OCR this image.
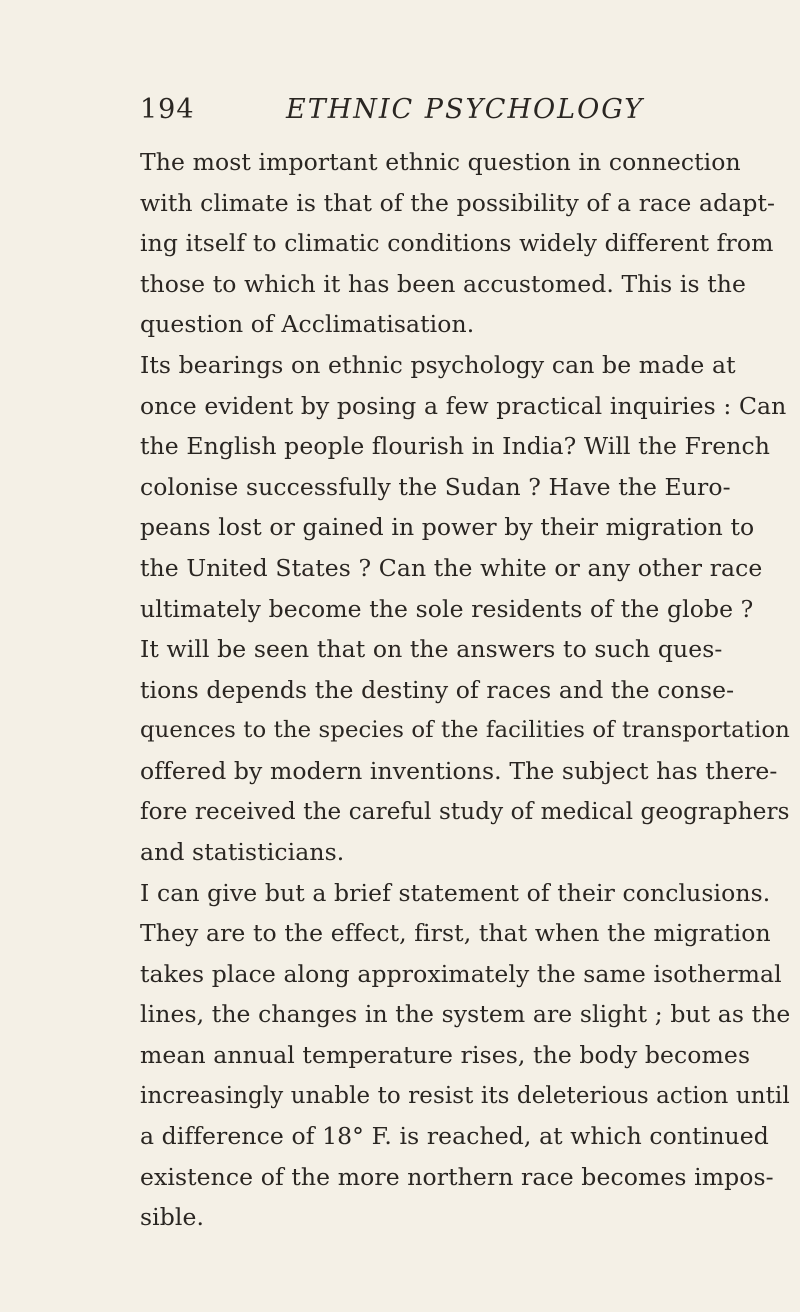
194	ETHNIC PSYCHOLOGY
The most important ethnic question in connection
with climate is that of the possibility of a race adapt-
ing itself to climatic conditions widely different from
those to which it has been accustomed. This is the
question of Acclimatisation.
Its bearings on ethnic psychology can be made at
once evident by posing a few practical inquiries : Can
the English people flourish in India? Will the French
colonise successfully the Sudan ? Have the Euro-
peans lost or gained in power by their migration to
the United States ? Can the white or any other race
ultimately become the sole residents of the globe ?
It will be seen that on the answers to such ques-
tions depends the destiny of races and the conse-
quences to the species of the facilities of transportation
offered by modern inventions. The subject has there-
fore received the careful study of medical geographers
and statisticians.
I can give but a brief statement of their conclusions.
They are to the effect, first, that when the migration
takes place along approximately the same isothermal
lines, the changes in the system are slight ; but as the
mean annual temperature rises, the body becomes
increasingly unable to resist its deleterious action until
a difference of 18° F. is reached, at which continued
existence of the more northern race becomes impos-
sible.
